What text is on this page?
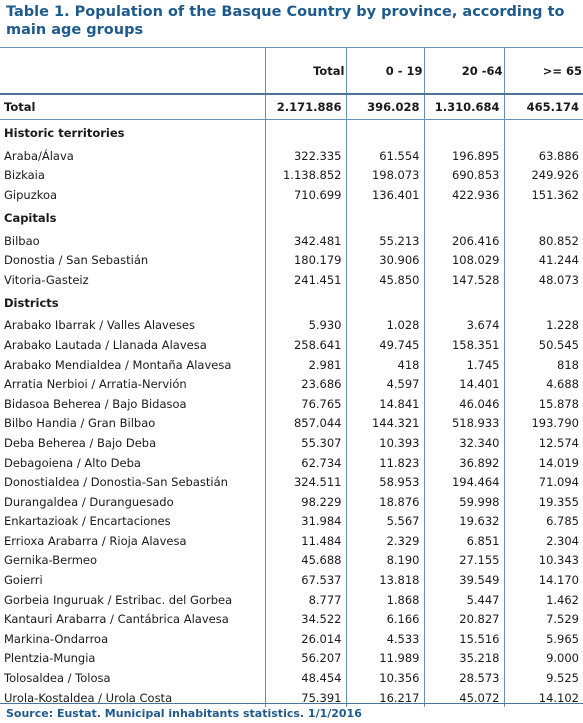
Table 1. Population of the Basque Country by province, according to main age groups
	Total	0 - 19	20 -64	>= 65
Total	2.171.886	396.028	1.310.684	465.174
Historic territories				
Araba/Álava	322.335	61.554	196.895	63.886
Bizkaia	1.138.852	198.073	690.853	249.926
Gipuzkoa	710.699	136.401	422.936	151.362
Capitals				
Bilbao	342.481	55.213	206.416	80.852
Donostia / San Sebastián	180.179	30.906	108.029	41.244
Vitoria-Gasteiz	241.451	45.850	147.528	48.073
Districts				
Arabako Ibarrak / Valles Alaveses	5.930	1.028	3.674	1.228
Arabako Lautada / Llanada Alavesa	258.641	49.745	158.351	50.545
Arabako Mendialdea / Montaña Alavesa	2.981	418	1.745	818
Arratia Nerbioi / Arratia-Nervión	23.686	4.597	14.401	4.688
Bidasoa Beherea / Bajo Bidasoa	76.765	14.841	46.046	15.878
Bilbo Handia / Gran Bilbao	857.044	144.321	518.933	193.790
Deba Beherea / Bajo Deba	55.307	10.393	32.340	12.574
Debagoiena / Alto Deba	62.734	11.823	36.892	14.019
Donostialdea / Donostia-San Sebastián	324.511	58.953	194.464	71.094
Durangaldea / Duranguesado	98.229	18.876	59.998	19.355
Enkartazioak / Encartaciones	31.984	5.567	19.632	6.785
Errioxa Arabarra / Rioja Alavesa	11.484	2.329	6.851	2.304
Gernika-Bermeo	45.688	8.190	27.155	10.343
Goierri	67.537	13.818	39.549	14.170
Gorbeia Inguruak / Estribac. del Gorbea	8.777	1.868	5.447	1.462
Kantauri Arabarra / Cantábrica Alavesa	34.522	6.166	20.827	7.529
Markina-Ondarroa	26.014	4.533	15.516	5.965
Plentzia-Mungia	56.207	11.989	35.218	9.000
Tolosaldea / Tolosa	48.454	10.356	28.573	9.525
Urola-Kostaldea / Urola Costa	75.391	16.217	45.072	14.102
Source: Eustat. Municipal inhabitants statistics. 1/1/2016
